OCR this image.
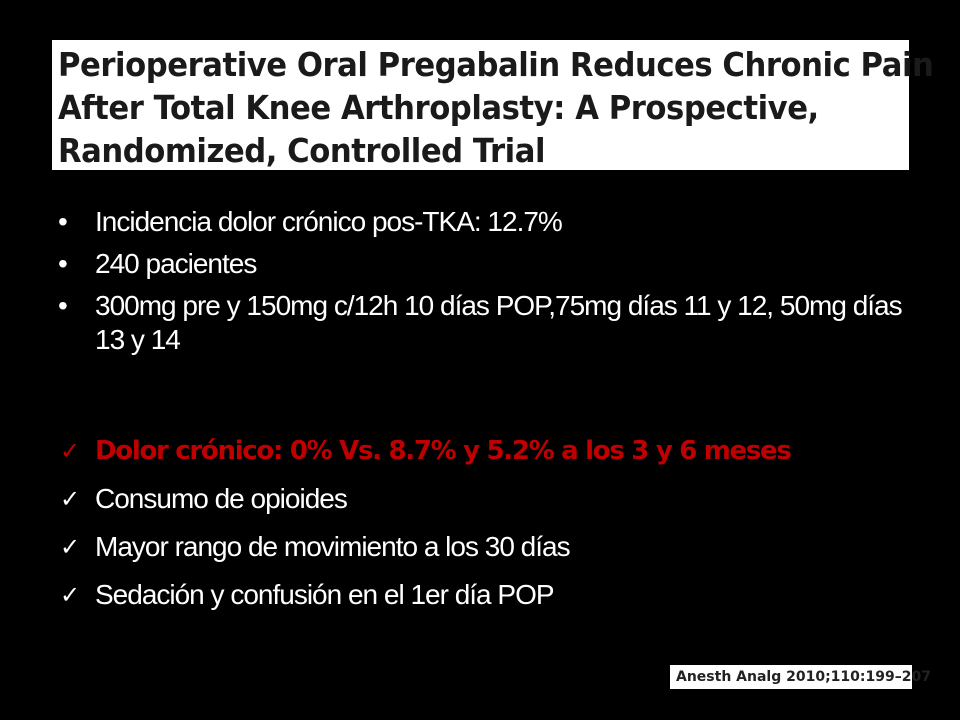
Perioperative Oral Pregabalin Reduces Chronic Pain
After Total Knee Arthroplasty: A Prospective,
Randomized, Controlled Trial
• Incidencia dolor crónico pos-TKA: 12.7%
• 240 pacientes
• 300mg pre y 150mg c/12h 10 días POP,75mg días 11 y 12, 50mg días 13 y 14
✓ Dolor crónico: 0% Vs. 8.7% y 5.2% a los 3 y 6 meses
✓ Consumo de opioides
✓ Mayor rango de movimiento a los 30 días
✓ Sedación y confusión en el 1er día POP
Anesth Analg 2010;110:199–207
